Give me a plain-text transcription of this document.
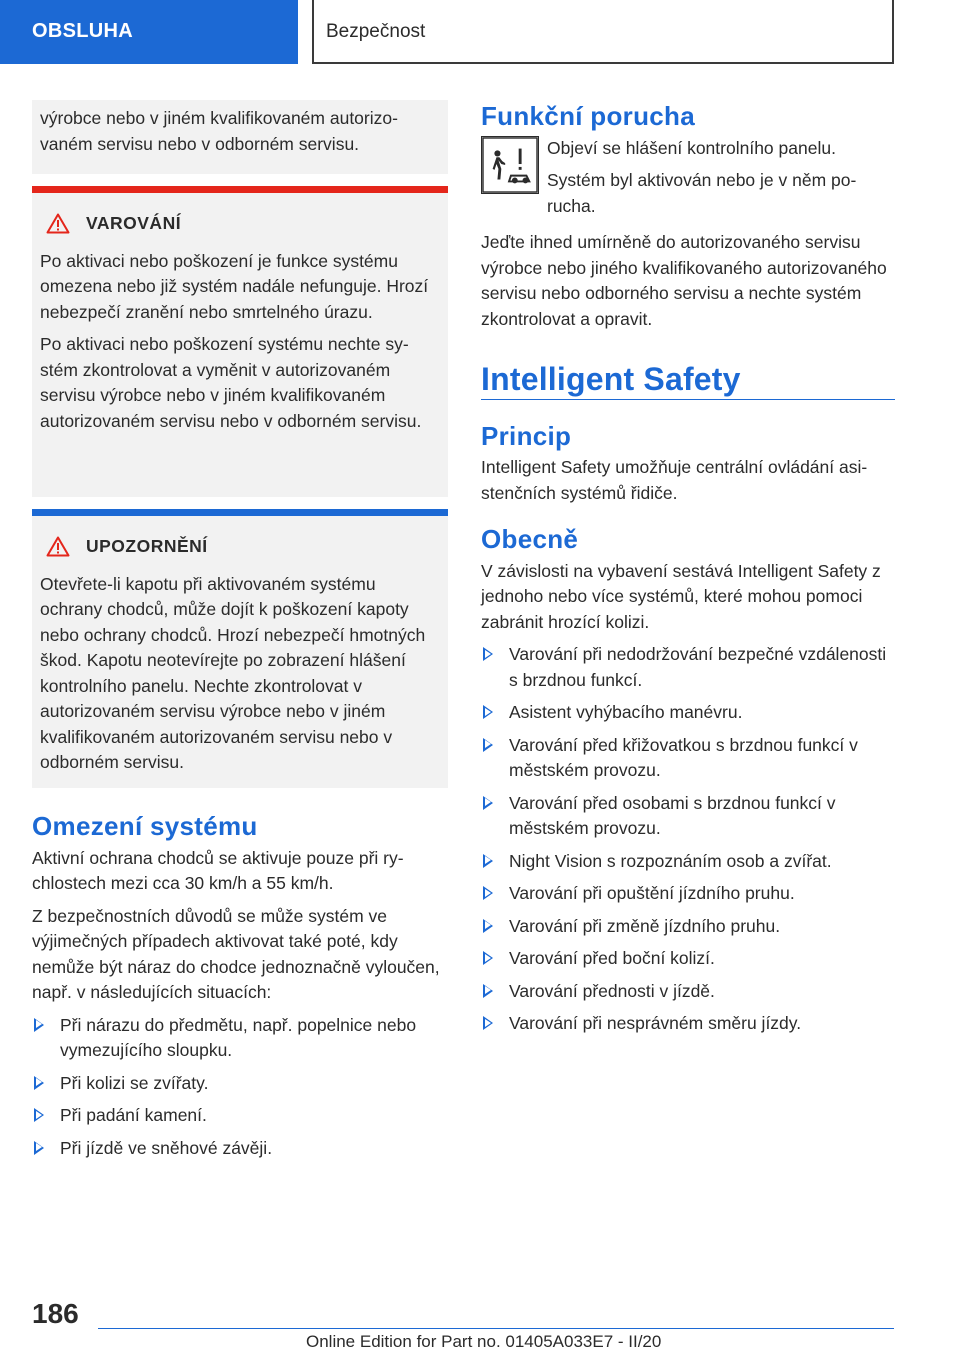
OBSLUHA	Bezpečnost

výrobce nebo v jiném kvalifikovaném autorizovaném servisu nebo v odborném servisu.

VAROVÁNÍ

Po aktivaci nebo poškození je funkce systému omezena nebo již systém nadále nefunguje. Hrozí nebezpečí zranění nebo smrtelného úrazu.

Po aktivaci nebo poškození systému nechte systém zkontrolovat a vyměnit v autorizovaném servisu výrobce nebo v jiném kvalifikovaném autorizovaném servisu nebo v odborném servisu.

UPOZORNĚNÍ

Otevřete-li kapotu při aktivovaném systému ochrany chodců, může dojít k poškození kapoty nebo ochrany chodců. Hrozí nebezpečí hmotných škod. Kapotu neotevírejte po zobrazení hlášení kontrolního panelu. Nechte zkontrolovat v autorizovaném servisu výrobce nebo v jiném kvalifikovaném autorizovaném servisu nebo v odborném servisu.

Omezení systému

Aktivní ochrana chodců se aktivuje pouze při rychlostech mezi cca 30 km/h a 55 km/h.

Z bezpečnostních důvodů se může systém ve výjimečných případech aktivovat také poté, kdy nemůže být náraz do chodce jednoznačně vyloučen, např. v následujících situacích:

Při nárazu do předmětu, např. popelnice nebo vymezujícího sloupku.
Při kolizi se zvířaty.
Při padání kamení.
Při jízdě ve sněhové závěji.
Funkční porucha

Objeví se hlášení kontrolního panelu.

Systém byl aktivován nebo je v něm porucha.

Jeďte ihned umírněně do autorizovaného servisu výrobce nebo jiného kvalifikovaného autorizovaného servisu nebo odborného servisu a nechte systém zkontrolovat a opravit.

Intelligent Safety
Princip

Intelligent Safety umožňuje centrální ovládání asistenčních systémů řidiče.

Obecně

V závislosti na vybavení sestává Intelligent Safety z jednoho nebo více systémů, které mohou pomoci zabránit hrozící kolizi.

Varování při nedodržování bezpečné vzdálenosti s brzdnou funkcí.
Asistent vyhýbacího manévru.
Varování před křižovatkou s brzdnou funkcí v městském provozu.
Varování před osobami s brzdnou funkcí v městském provozu.
Night Vision s rozpoznáním osob a zvířat.
Varování při opuštění jízdního pruhu.
Varování při změně jízdního pruhu.
Varování před boční kolizí.
Varování přednosti v jízdě.
Varování při nesprávném směru jízdy.
186
Online Edition for Part no. 01405A033E7 - II/20
